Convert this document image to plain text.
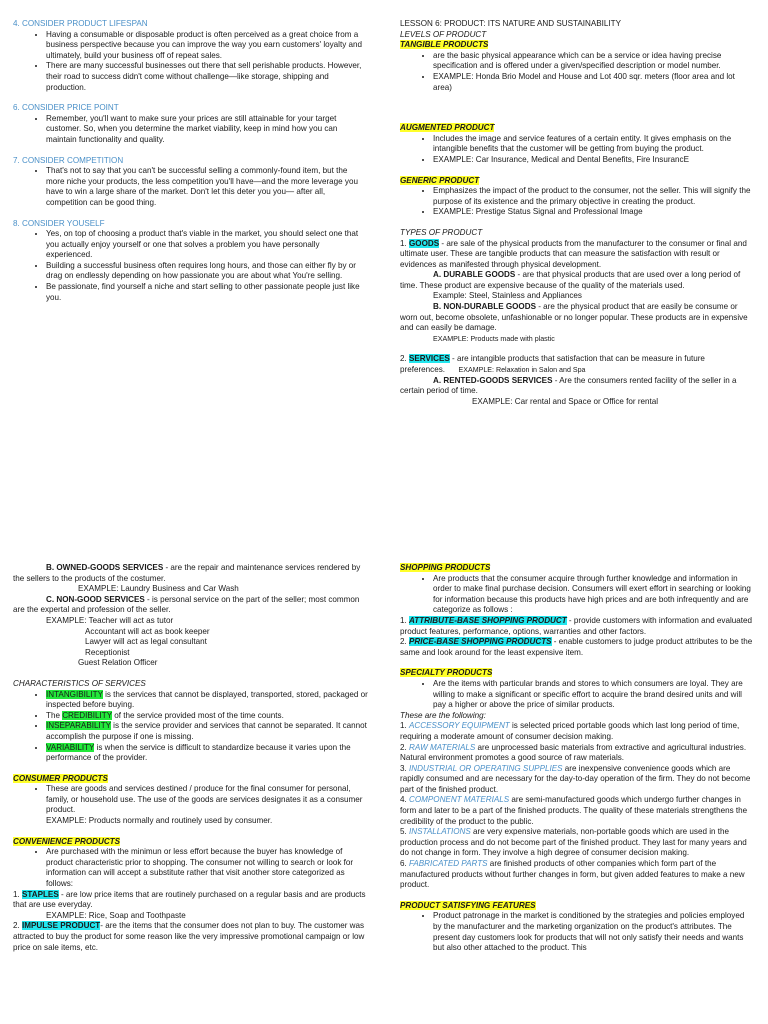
4. CONSIDER PRODUCT LIFESPAN

• Having a consumable or disposable product is often perceived as a great choice from a business perspective because you can improve the way you earn customers' loyalty and ultimately, build your business off of repeat sales.
• There are many successful businesses out there that sell perishable products. However, their road to success didn't come without challenge—like storage, shipping and production.

6. CONSIDER PRICE POINT

• Remember, you'll want to make sure your prices are still attainable for your target customer. So, when you determine the market viability, keep in mind how you can maintain functionality and quality.

7. CONSIDER COMPETITION

• That's not to say that you can't be successful selling a commonly-found item, but the more niche your products, the less competition you'll have—and the more leverage you have to win a large share of the market. Don't let this deter you you— after all, competition can be good thing.

8. CONSIDER YOUSELF

• Yes, on top of choosing a product that's viable in the market, you should select one that you actually enjoy yourself or one that solves a problem you have personally experienced.
• Building a successful business often requires long hours, and those can either fly by or drag on endlessly depending on how passionate you are about what You're selling.
• Be passionate, find yourself a niche and start selling to other passionate people just like you.

LESSON 6: PRODUCT: ITS NATURE AND SUSTAINABILITY

LEVELS OF PRODUCT

TANGIBLE PRODUCTS

• are the basic physical appearance which can be a service or idea having precise specification and is offered under a given/specified description or model number.
• EXAMPLE: Honda Brio Model and House and Lot 400 sqr. meters (floor area and lot area)

AUGMENTED PRODUCT

• Includes the image and service features of a certain entity. It gives emphasis on the intangible benefits that the customer will be getting from buying the product.
• EXAMPLE: Car Insurance, Medical and Dental Benefits, Fire InsurancE

GENERIC PRODUCT

• Emphasizes the impact of the product to the consumer, not the seller. This will signify the purpose of its existence and the primary objective in creating the product.
• EXAMPLE: Prestige Status Signal and Professional Image

TYPES OF PRODUCT

1. GOODS - are sale of the physical products from the manufacturer to the consumer or final and ultimate user. These are tangible products that can measure the satisfaction with result or evidences as manifested through physical development.

A. DURABLE GOODS - are that physical products that are used over a long period of time. These product are expensive because of the quality of the materials used.

Example: Steel, Stainless and Appliances

B. NON-DURABLE GOODS - are the physical product that are easily be consume or worn out, become obsolete, unfashionable or no longer popular. These products are in expensive and can easily be damage.

EXAMPLE: Products made with plastic

2. SERVICES - are intangible products that satisfaction that can be measure in future preferences. EXAMPLE: Relaxation in Salon and Spa

A. RENTED-GOODS SERVICES - Are the consumers rented facility of the seller in a certain period of time.

EXAMPLE: Car rental and Space or Office for rental

B. OWNED-GOODS SERVICES - are the repair and maintenance services rendered by the sellers to the products of the costumer.

EXAMPLE: Laundry Business and Car Wash

C. NON-GOOD SERVICES - is personal service on the part of the seller; most common are the expertal and profession of the seller.

EXAMPLE: Teacher will act as tutor

Accountant will act as book keeper

Lawyer will act as legal consultant

Receptionist

Guest Relation Officer

CHARACTERISTICS OF SERVICES

• INTANGIBILITY is the services that cannot be displayed, transported, stored, packaged or inspected before buying.
• The CREDIBILITY of the service provided most of the time counts.
• INSEPARABILITY is the service provider and services that cannot be separated. It cannot accomplish the purpose if one is missing.
• VARIABILITY is when the service is difficult to standardize because it varies upon the performance of the provider.

CONSUMER PRODUCTS

• These are goods and services destined / produce for the final consumer for personal, family, or household use. The use of the goods are services designates it as a consumer product.

EXAMPLE: Products normally and routinely used by consumer.

CONVENIENCE PRODUCTS

• Are purchased with the minimun or less effort because the buyer has knowledge of product characteristic prior to shopping. The consumer not willing to search or look for information can will accept a substitute rather that visit another store categorized as follows:

1. STAPLES - are low price items that are routinely purchased on a regular basis and are products that are use everyday.

EXAMPLE: Rice, Soap and Toothpaste

2. IMPULSE PRODUCT- are the items that the consumer does not plan to buy. The customer was attracted to buy the product for some reason like the very impressive promotional campaign or low price on sale items, etc.

SHOPPING PRODUCTS

• Are products that the consumer acquire through further knowledge and information in order to make final purchase decision. Consumers will exert effort in searching or looking for information because this products have high prices and are both infrequently and are categorize as follows :

1. ATTRIBUTE-BASE SHOPPING PRODUCT - provide customers with information and evaluated product features, performance, options, warranties and other factors.

2. PRICE-BASE SHOPPING PRODUCTS - enable customers to judge product attributes to be the same and look around for the least expensive item.

SPECIALTY PRODUCTS

• Are the items with particular brands and stores to which consumers are loyal. They are willing to make a significant or specific effort to acquire the brand desired units and will pay a higher or above the price of similar products.

These are the following:

1. ACCESSORY EQUIPMENT is selected priced portable goods which last long period of time, requiring a moderate amount of consumer decision making.

2. RAW MATERIALS are unprocessed basic materials from extractive and agricultural industries. Natural environment promotes a good source of raw materials.

3. INDUSTRIAL OR OPERATING SUPPLIES are inexpensive convenience goods which are rapidly consumed and are necessary for the day-to-day operation of the firm. They do not become part of the finished product.

4. COMPONENT MATERIALS are semi-manufactured goods which undergo further changes in form and later to be a part of the finished products. The quality of these materials strengthens the credibility of the product to the public.

5. INSTALLATIONS are very expensive materials, non-portable goods which are used in the production process and do not become part of the finished product. They last for many years and do not change in form. They involve a high degree of consumer decision making.

6. FABRICATED PARTS are finished products of other companies which form part of the manufactured products without further changes in form, but given added features to make a new product.

PRODUCT SATISFYING FEATURES

• Product patronage in the market is conditioned by the strategies and policies employed by the manufacturer and the marketing organization on the product's attributes. The present day customers look for products that will not only satisfy their needs and wants but also other attached to the product. This
